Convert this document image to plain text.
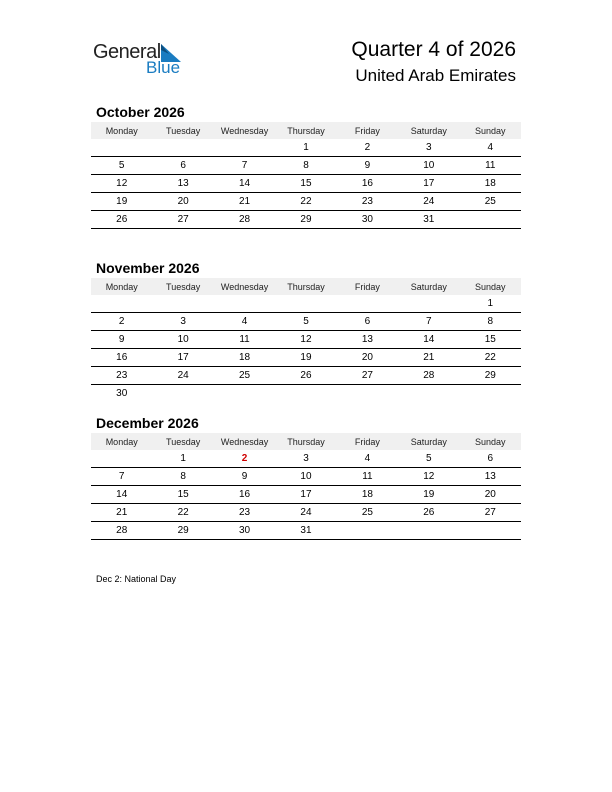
General
Blue
Quarter 4 of 2026
United Arab Emirates
October 2026
Monday	Tuesday	Wednesday	Thursday	Friday	Saturday	Sunday
			1	2	3	4
5	6	7	8	9	10	11
12	13	14	15	16	17	18
19	20	21	22	23	24	25
26	27	28	29	30	31	
November 2026
Monday	Tuesday	Wednesday	Thursday	Friday	Saturday	Sunday
						1
2	3	4	5	6	7	8
9	10	11	12	13	14	15
16	17	18	19	20	21	22
23	24	25	26	27	28	29
30						
December 2026
Monday	Tuesday	Wednesday	Thursday	Friday	Saturday	Sunday
	1	2	3	4	5	6
7	8	9	10	11	12	13
14	15	16	17	18	19	20
21	22	23	24	25	26	27
28	29	30	31			
Dec 2: National Day
